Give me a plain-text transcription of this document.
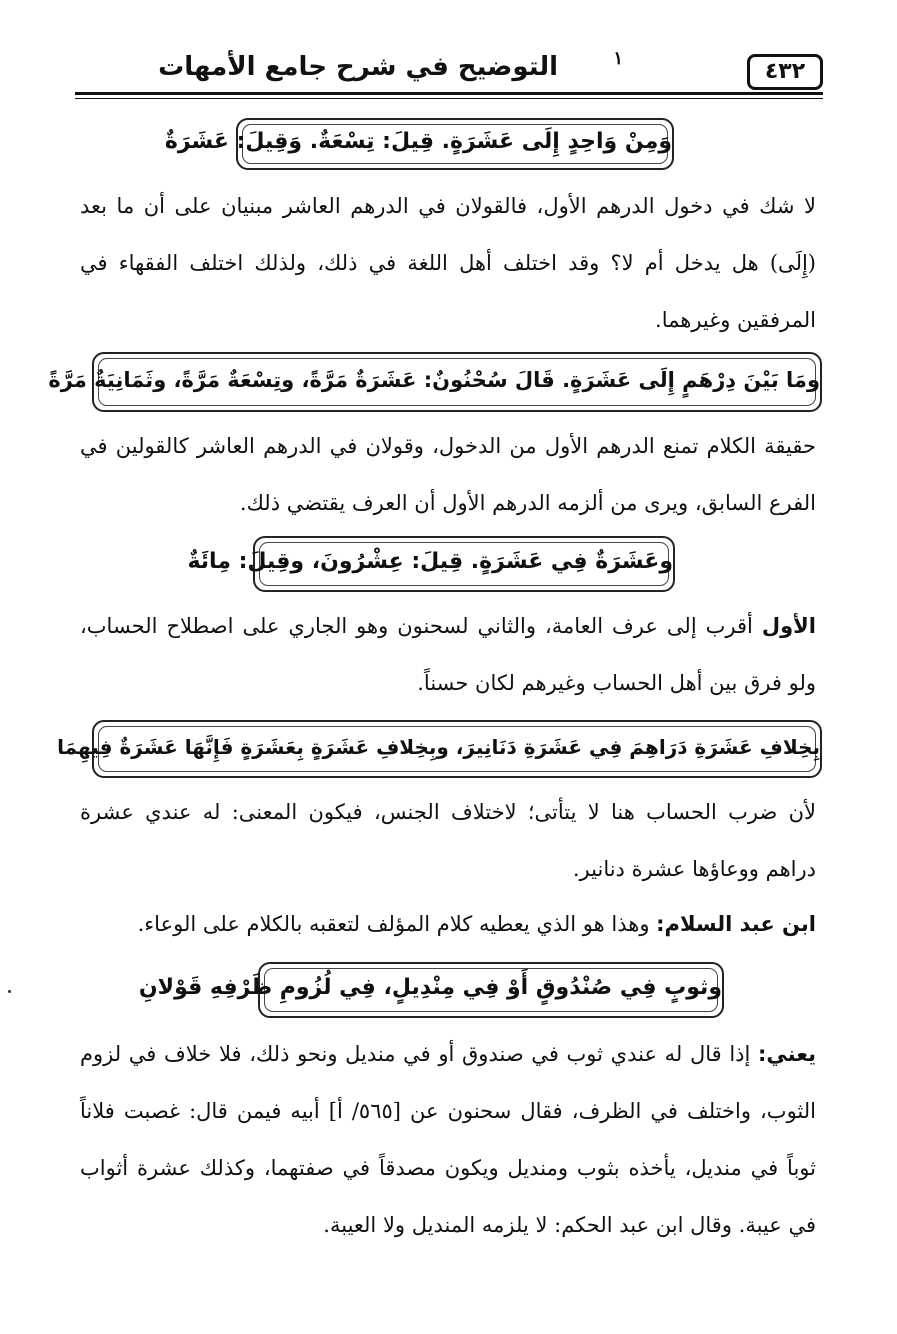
التوضيح في شرح جامع الأمهات	١
٤٣٢
وَمِنْ وَاحِدٍ إِلَى عَشَرَةٍ. قِيلَ: تِسْعَةٌ. وَقِيلَ: عَشَرَةٌ
لا شك في دخول الدرهم الأول، فالقولان في الدرهم العاشر مبنيان على أن ما بعد (إِلَى) هل يدخل أم لا؟ وقد اختلف أهل اللغة في ذلك، ولذلك اختلف الفقهاء في المرفقين وغيرهما.
ومَا بَيْنَ دِرْهَمٍ إِلَى عَشَرَةٍ. قَالَ سُحْنُونٌ: عَشَرَةٌ مَرَّةً، وتِسْعَةٌ مَرَّةً، وثَمَانِيَةٌ مَرَّةً
حقيقة الكلام تمنع الدرهم الأول من الدخول، وقولان في الدرهم العاشر كالقولين في الفرع السابق، ويرى من ألزمه الدرهم الأول أن العرف يقتضي ذلك.
وعَشَرَةٌ فِي عَشَرَةٍ. قِيلَ: عِشْرُونَ، وقِيلَ: مِائَةٌ
الأول أقرب إلى عرف العامة، والثاني لسحنون وهو الجاري على اصطلاح الحساب، ولو فرق بين أهل الحساب وغيرهم لكان حسناً.
بِخِلافِ عَشَرَةِ دَرَاهِمَ فِي عَشَرَةِ دَنَانِيرَ، وبِخِلافِ عَشَرَةٍ بِعَشَرَةٍ فَإِنَّهَا عَشَرَةٌ فِيهِمَا
لأن ضرب الحساب هنا لا يتأتى؛ لاختلاف الجنس، فيكون المعنى: له عندي عشرة دراهم ووعاؤها عشرة دنانير.
ابن عبد السلام: وهذا هو الذي يعطيه كلام المؤلف لتعقبه بالكلام على الوعاء.
وثوبٍ فِي صُنْدُوقٍ أَوْ فِي مِنْدِيلٍ، فِي لُزُومِ ظَرْفِهِ قَوْلانِ
يعني: إذا قال له عندي ثوب في صندوق أو في منديل ونحو ذلك، فلا خلاف في لزوم الثوب، واختلف في الظرف، فقال سحنون عن [٥٦٥/ أ] أبيه فيمن قال: غصبت فلاناً ثوباً في منديل، يأخذه بثوب ومنديل ويكون مصدقاً في صفتهما، وكذلك عشرة أثواب في عيبة. وقال ابن عبد الحكم: لا يلزمه المنديل ولا العيبة.
